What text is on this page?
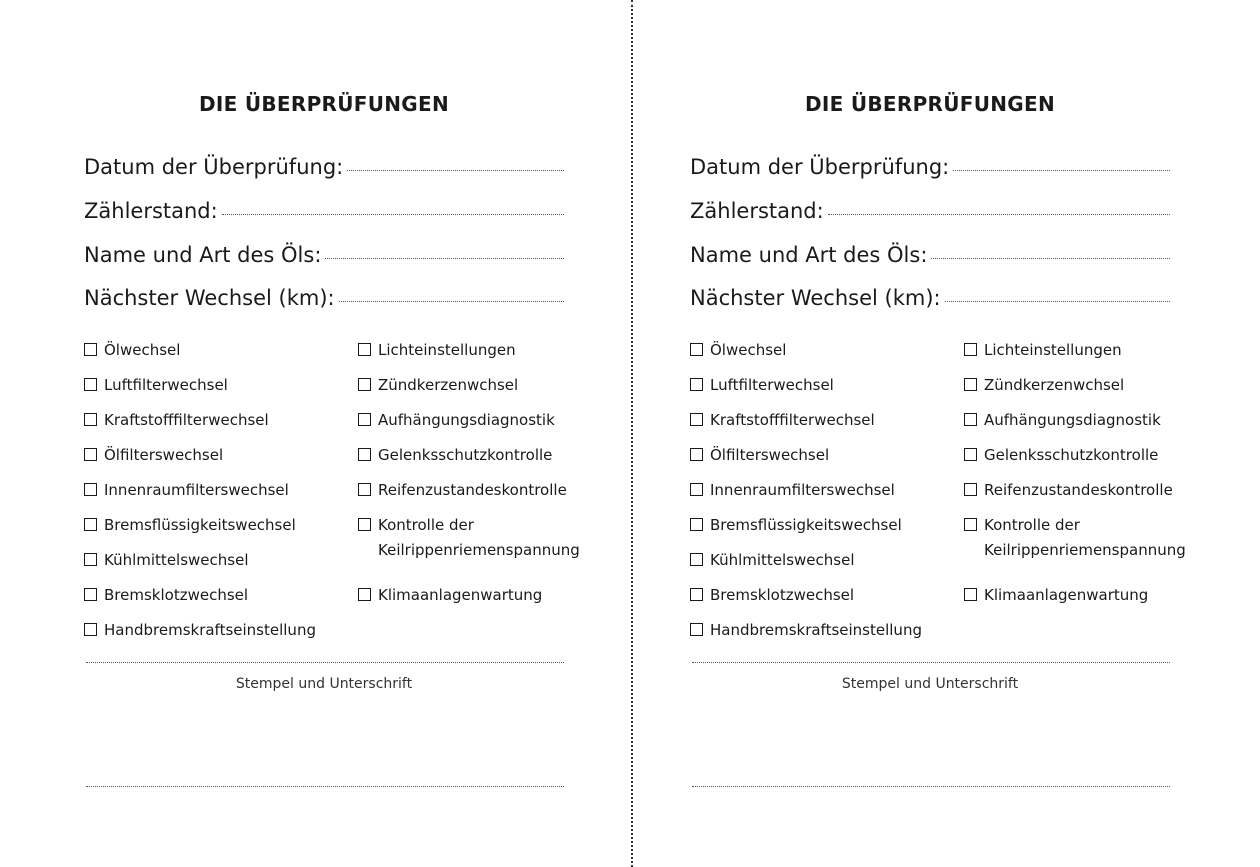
DIE ÜBERPRÜFUNGEN
Datum der Überprüfung:
Zählerstand:
Name und Art des Öls:
Nächster Wechsel (km):
Ölwechsel
Luftfilterwechsel
Kraftstofffilterwechsel
Ölfilterswechsel
Innenraumfilterswechsel
Bremsflüssigkeitswechsel
Kühlmittelswechsel
Bremsklotzwechsel
Handbremskraftseinstellung
Lichteinstellungen
Zündkerzenwchsel
Aufhängungsdiagnostik
Gelenksschutzkontrolle
Reifenzustandeskontrolle
Kontrolle der
Keilrippenriemenspannung
Klimaanlagenwartung
Stempel und Unterschrift
DIE ÜBERPRÜFUNGEN
Datum der Überprüfung:
Zählerstand:
Name und Art des Öls:
Nächster Wechsel (km):
Ölwechsel
Luftfilterwechsel
Kraftstofffilterwechsel
Ölfilterswechsel
Innenraumfilterswechsel
Bremsflüssigkeitswechsel
Kühlmittelswechsel
Bremsklotzwechsel
Handbremskraftseinstellung
Lichteinstellungen
Zündkerzenwchsel
Aufhängungsdiagnostik
Gelenksschutzkontrolle
Reifenzustandeskontrolle
Kontrolle der
Keilrippenriemenspannung
Klimaanlagenwartung
Stempel und Unterschrift
